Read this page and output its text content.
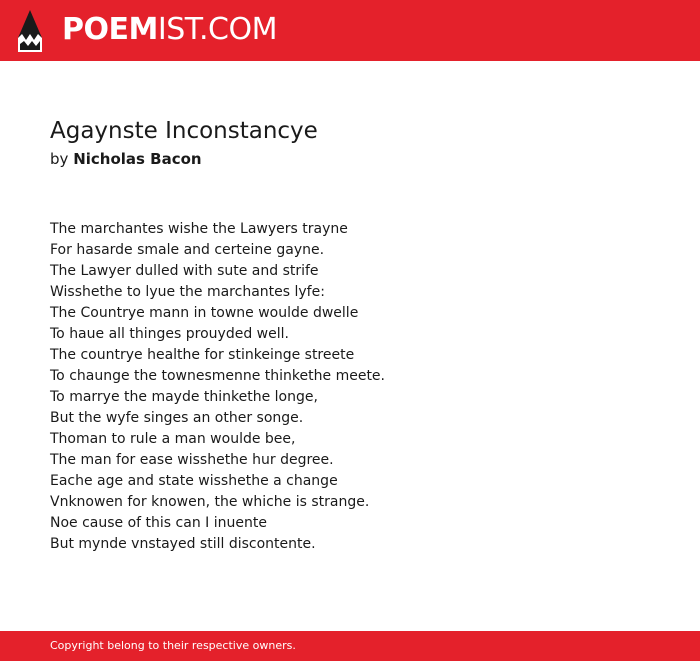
POEMIST.COM
Agaynste Inconstancye
by Nicholas Bacon
The marchantes wishe the Lawyers trayne
For hasarde smale and certeine gayne.
The Lawyer dulled with sute and strife
Wisshethe to lyue the marchantes lyfe:
The Countrye mann in towne woulde dwelle
To haue all thinges prouyded well.
The countrye healthe for stinkeinge streete
To chaunge the townesmenne thinkethe meete.
To marrye the mayde thinkethe longe,
But the wyfe singes an other songe.
Thoman to rule a man woulde bee,
The man for ease wisshethe hur degree.
Eache age and state wisshethe a change
Vnknowen for knowen, the whiche is strange.
Noe cause of this can I inuente
But mynde vnstayed still discontente.
Copyright belong to their respective owners.
